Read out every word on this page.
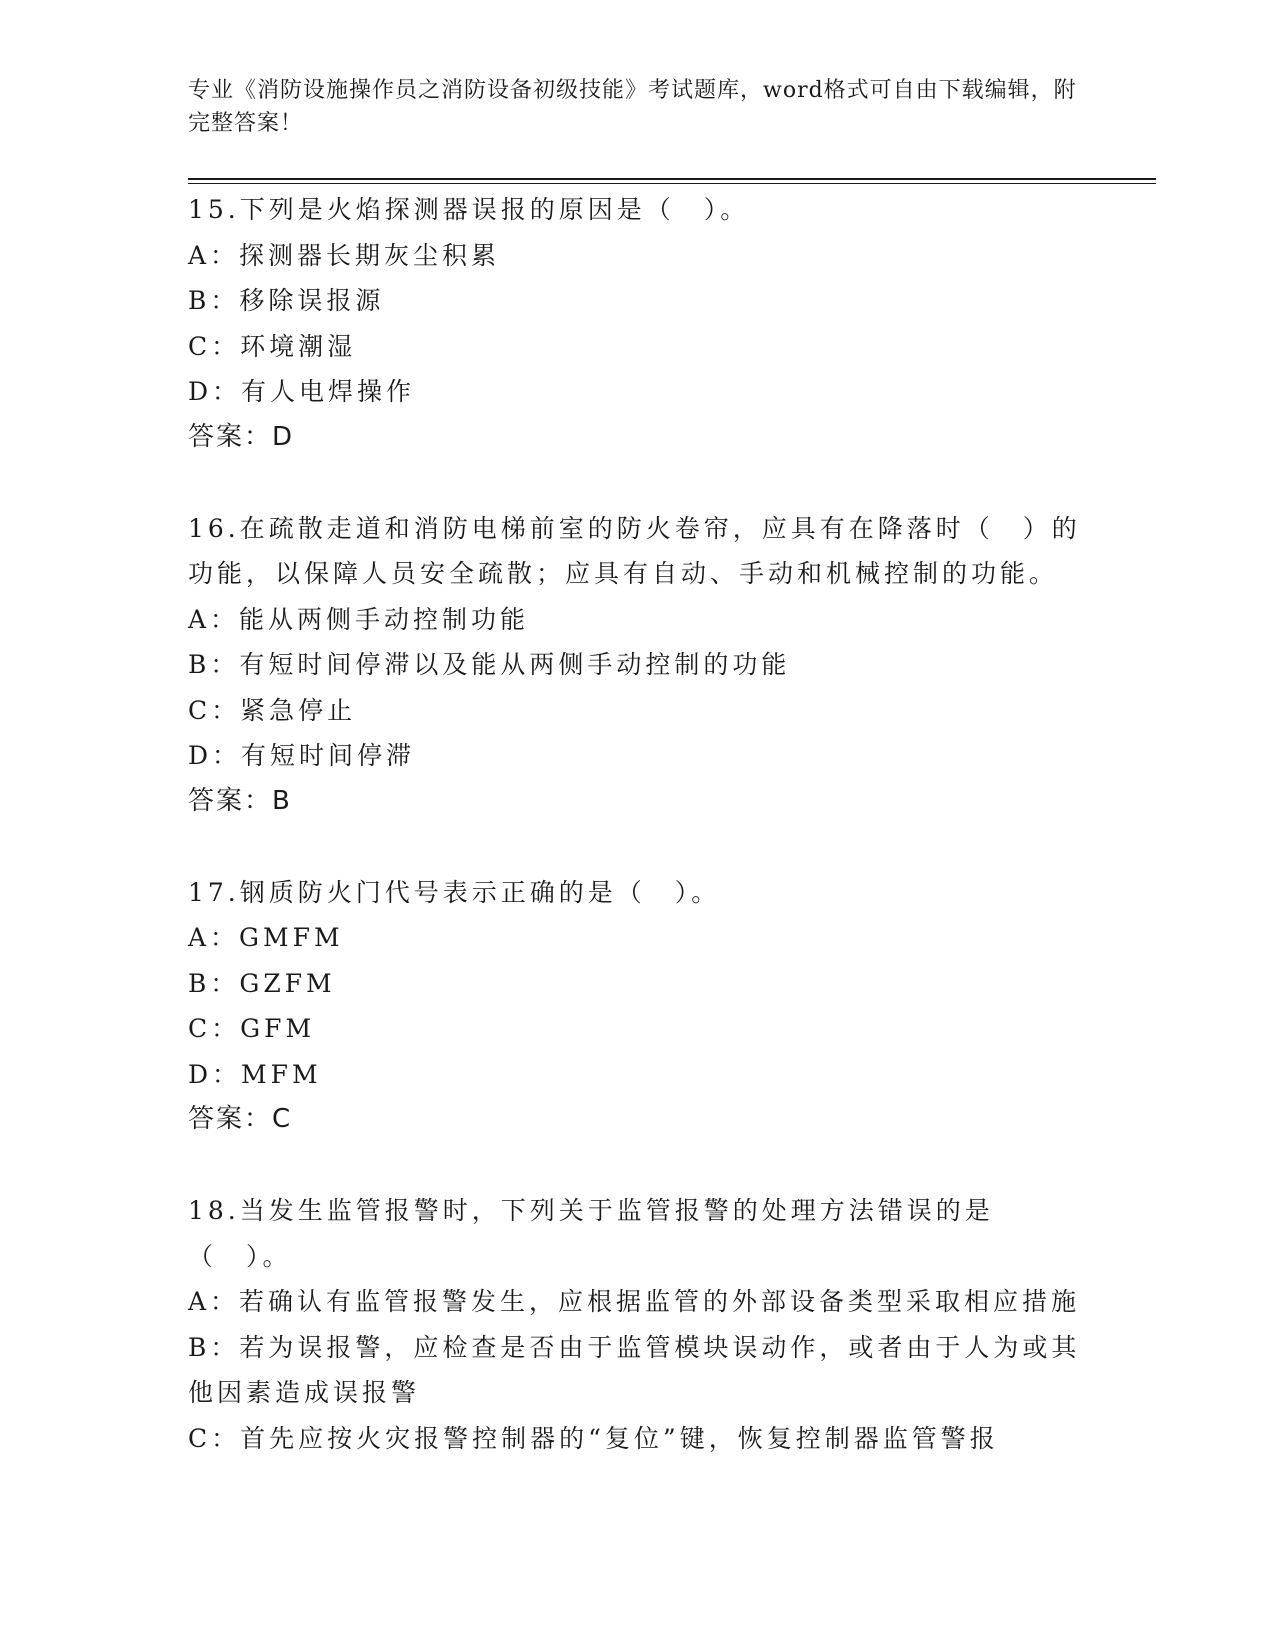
专业《消防设施操作员之消防设备初级技能》考试题库，word格式可自由下载编辑，附完整答案！

15.下列是火焰探测器误报的原因是（　）。

A：探测器长期灰尘积累

B：移除误报源

C：环境潮湿

D：有人电焊操作

答案：D

16.在疏散走道和消防电梯前室的防火卷帘，应具有在降落时（　）的功能，以保障人员安全疏散；应具有自动、手动和机械控制的功能。

A：能从两侧手动控制功能

B：有短时间停滞以及能从两侧手动控制的功能

C：紧急停止

D：有短时间停滞

答案：B

17.钢质防火门代号表示正确的是（　）。

A：GMFM

B：GZFM

C：GFM

D：MFM

答案：C

18.当发生监管报警时，下列关于监管报警的处理方法错误的是（　）。

A：若确认有监管报警发生，应根据监管的外部设备类型采取相应措施

B：若为误报警，应检查是否由于监管模块误动作，或者由于人为或其他因素造成误报警

C：首先应按火灾报警控制器的“复位”键，恢复控制器监管警报
